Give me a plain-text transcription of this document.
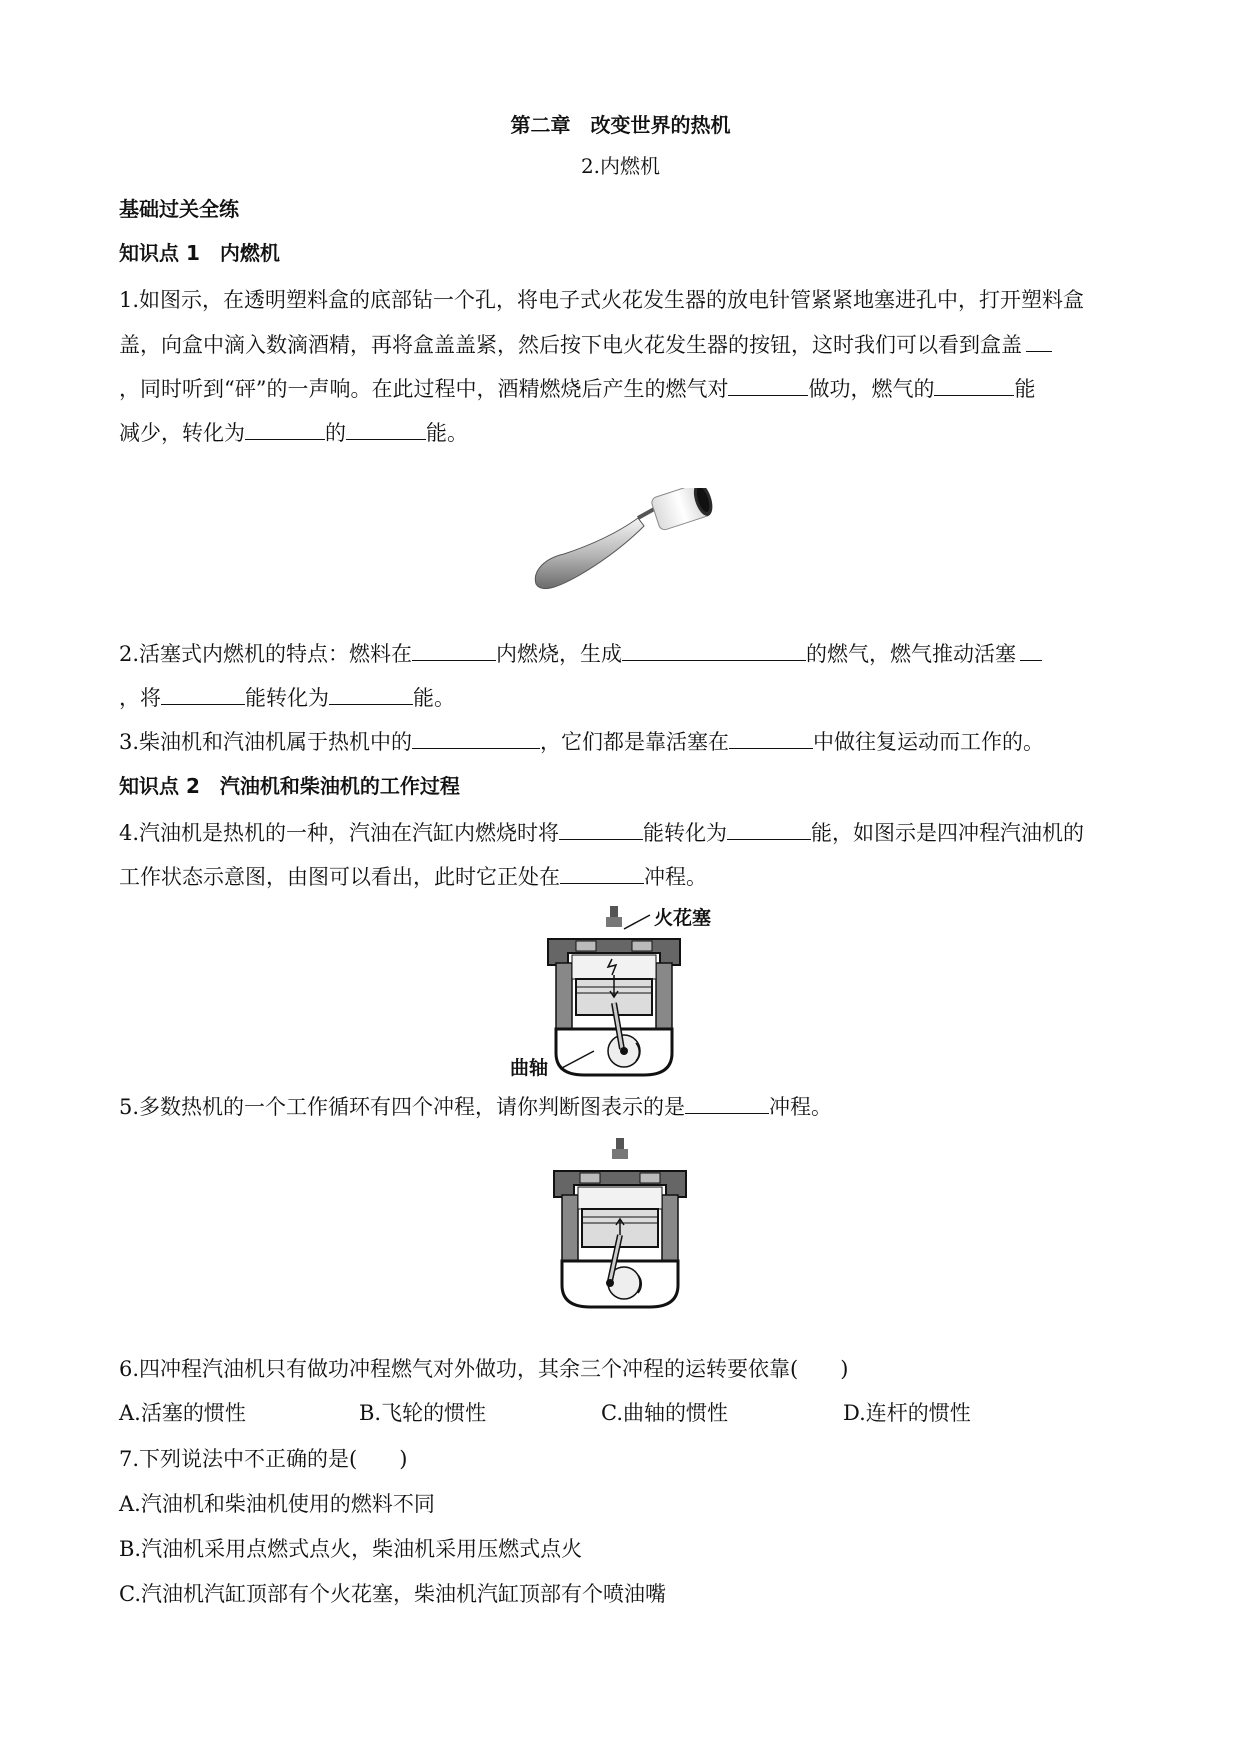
第二章　改变世界的热机
2.内燃机
基础过关全练
知识点 1　内燃机
1.如图示，在透明塑料盒的底部钻一个孔，将电子式火花发生器的放电针管紧紧地塞进孔中，打开塑料盒
盖，向盒中滴入数滴酒精，再将盒盖盖紧，然后按下电火花发生器的按钮，这时我们可以看到盒盖
，同时听到“砰”的一声响。在此过程中，酒精燃烧后产生的燃气对	做功，燃气的	能
减少，转化为	的	能。
2.活塞式内燃机的特点：燃料在	内燃烧，生成	的燃气，燃气推动活塞
，将	能转化为	能。
3.柴油机和汽油机属于热机中的	，它们都是靠活塞在	中做往复运动而工作的。
知识点 2　汽油机和柴油机的工作过程
4.汽油机是热机的一种，汽油在汽缸内燃烧时将	能转化为	能，如图示是四冲程汽油机的
工作状态示意图，由图可以看出，此时它正处在	冲程。
火花塞
曲轴
5.多数热机的一个工作循环有四个冲程，请你判断图表示的是	冲程。
6.四冲程汽油机只有做功冲程燃气对外做功，其余三个冲程的运转要依靠(　　)
A.活塞的惯性	B.飞轮的惯性	C.曲轴的惯性	D.连杆的惯性
7.下列说法中不正确的是(　　)
A.汽油机和柴油机使用的燃料不同
B.汽油机采用点燃式点火，柴油机采用压燃式点火
C.汽油机汽缸顶部有个火花塞，柴油机汽缸顶部有个喷油嘴
